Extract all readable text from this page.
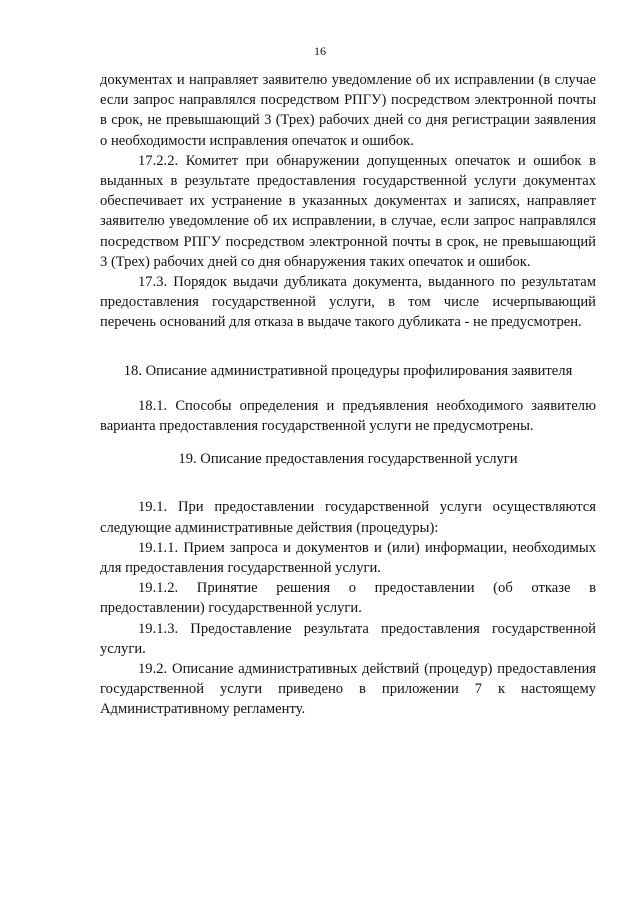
16

документах и направляет заявителю уведомление об их исправлении (в случае если запрос направлялся посредством РПГУ) посредством электронной почты в срок, не превышающий 3 (Трех) рабочих дней со дня регистрации заявления о необходимости исправления опечаток и ошибок.

17.2.2. Комитет при обнаружении допущенных опечаток и ошибок в выданных в результате предоставления государственной услуги документах обеспечивает их устранение в указанных документах и записях, направляет заявителю уведомление об их исправлении, в случае, если запрос направлялся посредством РПГУ посредством электронной почты в срок, не превышающий 3 (Трех) рабочих дней со дня обнаружения таких опечаток и ошибок.

17.3. Порядок выдачи дубликата документа, выданного по результатам предоставления государственной услуги, в том числе исчерпывающий перечень оснований для отказа в выдаче такого дубликата - не предусмотрен.

18. Описание административной процедуры профилирования заявителя

18.1. Способы определения и предъявления необходимого заявителю варианта предоставления государственной услуги не предусмотрены.

19. Описание предоставления государственной услуги

19.1. При предоставлении государственной услуги осуществляются следующие административные действия (процедуры):

19.1.1. Прием запроса и документов и (или) информации, необходимых для предоставления государственной услуги.

19.1.2. Принятие решения о предоставлении (об отказе в предоставлении) государственной услуги.

19.1.3. Предоставление результата предоставления государственной услуги.

19.2. Описание административных действий (процедур) предоставления государственной услуги приведено в приложении 7 к настоящему Административному регламенту.
